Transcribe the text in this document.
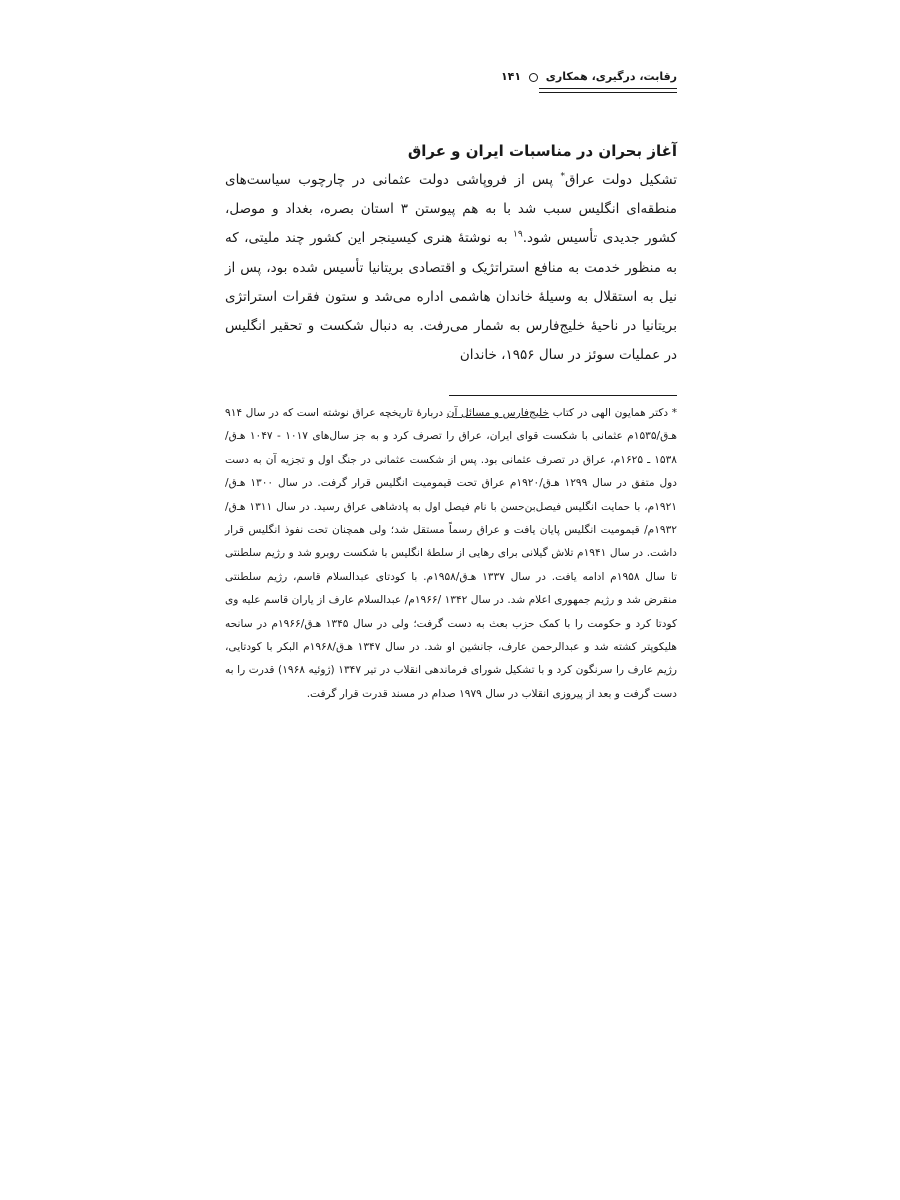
رقابت، درگیری، همکاری  ۱۴۱
آغاز بحران در مناسبات ایران و عراق

تشکیل دولت عراق* پس از فروپاشی دولت عثمانی در چارچوب سیاست‌های منطقه‌ای انگلیس سبب شد با به هم پیوستن ۳ استان بصره، بغداد و موصل، کشور جدیدی تأسیس شود.$^{۱۹}$ به نوشتهٔ هنری کیسینجر این کشور چند ملیتی، که به منظور خدمت به منافع استراتژیک و اقتصادی بریتانیا تأسیس شده بود، پس از نیل به استقلال به وسیلهٔ خاندان هاشمی اداره می‌شد و ستون فقرات استراتژی بریتانیا در ناحیهٔ خلیج‌فارس به شمار می‌رفت. به دنبال شکست و تحقیر انگلیس در عملیات سوئز در سال ۱۹۵۶، خاندان

* دکتر همایون الهی در کتاب خلیج‌فارس و مسائل آن دربارهٔ تاریخچه عراق نوشته است که در سال ۹۱۴ هـ‌ق/۱۵۳۵م عثمانی با شکست قوای ایران، عراق را تصرف کرد و به جز سال‌های ۱۰۱۷ - ۱۰۴۷ هـ‌ق/۱۵۳۸ ـ ۱۶۲۵م، عراق در تصرف عثمانی بود. پس از شکست عثمانی در جنگ اول و تجزیه آن به دست دول متفق در سال ۱۲۹۹ هـ‌ق/۱۹۲۰م عراق تحت قیمومیت انگلیس قرار گرفت. در سال ۱۳۰۰ هـ‌ق/۱۹۲۱م، با حمایت انگلیس فیصل‌بن‌حسن با نام فیصل اول به پادشاهی عراق رسید. در سال ۱۳۱۱ هـ‌ق/۱۹۳۲م/ قیمومیت انگلیس پایان یافت و عراق رسماً مستقل شد؛ ولی همچنان تحت نفوذ انگلیس قرار داشت. در سال ۱۹۴۱م تلاش گیلانی برای رهایی از سلطهٔ انگلیس با شکست روبرو شد و رژیم سلطنتی تا سال ۱۹۵۸م ادامه یافت. در سال ۱۳۳۷ هـ‌ق/۱۹۵۸م. با کودتای عبدالسلام قاسم، رژیم سلطنتی منقرض شد و رژیم جمهوری اعلام شد. در سال ۱۳۴۲ /۱۹۶۶م/ عبدالسلام عارف از یاران قاسم علیه وی کودتا کرد و حکومت را با کمک حزب بعث به دست گرفت؛ ولی در سال ۱۳۴۵ هـ‌ق/۱۹۶۶م در سانحه هلیکوپتر کشته شد و عبدالرحمن عارف، جانشین او شد. در سال ۱۳۴۷ هـ‌ق/۱۹۶۸م البکر با کودتایی، رژیم عارف را سرنگون کرد و با تشکیل شورای فرماندهی انقلاب در تیر ۱۳۴۷ (ژوئیه ۱۹۶۸) قدرت را به دست گرفت و بعد از پیروزی انقلاب در سال ۱۹۷۹ صدام در مسند قدرت قرار گرفت.
